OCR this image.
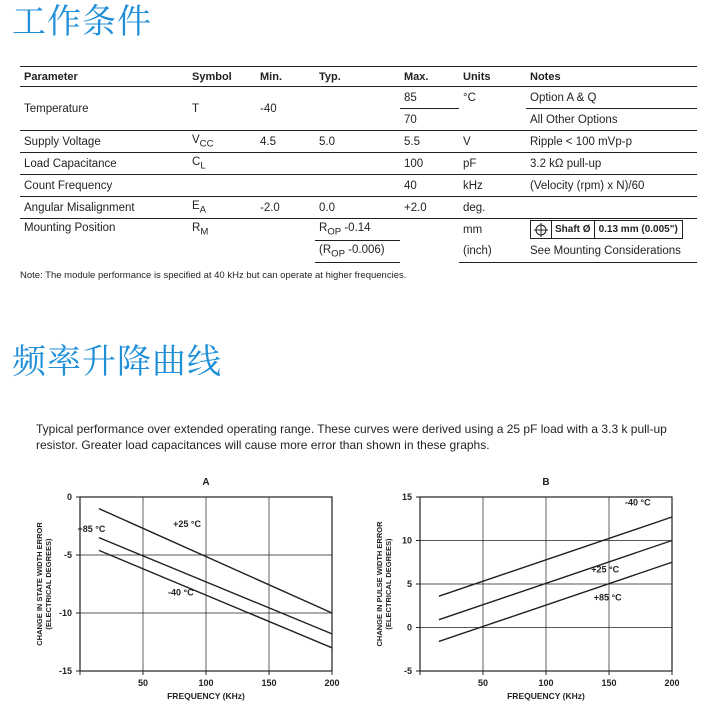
工作条件
Parameter	Symbol	Min.	Typ.	Max.	Units	Notes
Temperature	T	-40		85	°C	Option A & Q
				70		All Other Options
Supply Voltage	$V_{CC}$	4.5	5.0	5.5	V	Ripple < 100 mVp-p
Load Capacitance	$C_L$			100	pF	3.2 kΩ pull-up
Count Frequency				40	kHz	(Velocity (rpm) x N)/60
Angular Misalignment	$E_A$	-2.0	0.0	+2.0	deg.	
Mounting Position	$R_M$		$R_{OP}$ -0.14		mm	Shaft Ø 0.13 mm (0.005")

			($R_{OP}$ -0.006)		(inch)	See Mounting Considerations

Note: The module performance is specified at 40 kHz but can operate at higher frequencies.

频率升降曲线

Typical performance over extended operating range. These curves were derived using a 25 pF load with a 3.3 k pull-up resistor. Greater load capacitances will cause more error than shown in these graphs.

A
50	100	150	200
0
-5
-10
-15
FREQUENCY (KHz)
CHANGE IN STATE WIDTH ERROR (ELECTRICAL DEGREES)
+25 °C
+85 °C
-40 °C
B
50	100	150	200
15
10
5
0
-5
FREQUENCY (KHz)
CHANGE IN PULSE WIDTH ERROR (ELECTRICAL DEGREES)
-40 °C
+25 °C
+85 °C
